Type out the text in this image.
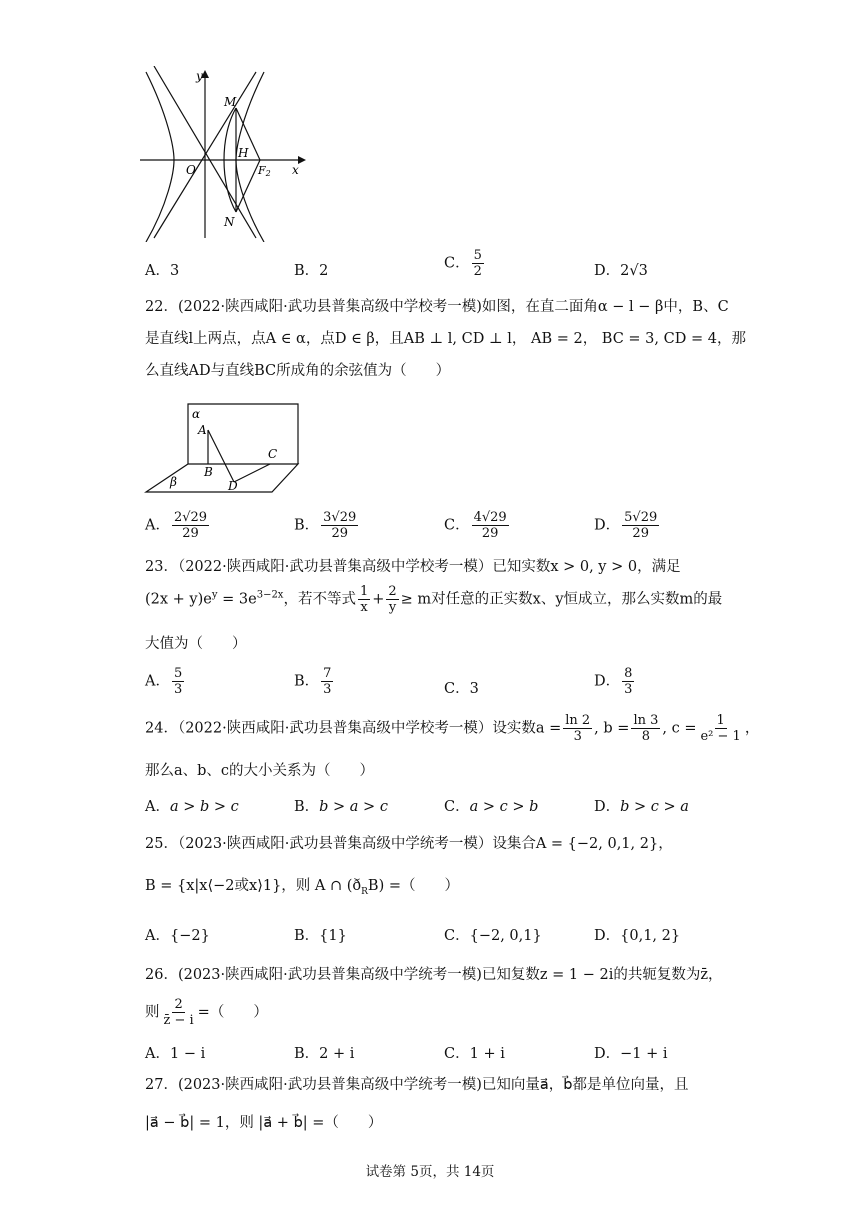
y
M
H
O	F2 x
N
A．3	B．2	C． $\frac{5}{2}$	D．2√3
22．(2022·陕西咸阳·武功县普集高级中学校考一模)如图，在直二面角α − l − β中，B、C
是直线l上两点，点A ∈ α，点D ∈ β，且AB ⊥ l, CD ⊥ l， AB = 2， BC = 3, CD = 4，那
么直线AD与直线BC所成角的余弦值为（　　）
α
A
B
C
β	D
A． $\frac{2√29}{29}$	B． $\frac{3√29}{29}$	C． $\frac{4√29}{29}$	D． $\frac{5√29}{29}$
23．（2022·陕西咸阳·武功县普集高级中学校考一模）已知实数x > 0, y > 0，满足
$(2x + y)e^y = 3e^{3-2x}$，若不等式 $\frac{1}{x} + \frac{2}{y} \ge m$对任意的正实数x、y恒成立，那么实数m的最
大值为（　　）
A． $\frac{5}{3}$	B． $\frac{7}{3}$	C．3	D． $\frac{8}{3}$
24．（2022·陕西咸阳·武功县普集高级中学校考一模）设实数$a = \frac{\ln 2}{3}$ , $b = \frac{\ln 3}{8}$ , $c = \frac{1}{\text{e² − 1}}$ ，
那么a、b、c的大小关系为（　　）
A．a > b > c	B．b > a > c	C．a > c > b	D．b > c > a
25．（2023·陕西咸阳·武功县普集高级中学统考一模）设集合A = {−2, 0,1, 2}，
B = {x|x⟨−2或x⟩1}，则 A ∩ $(ð_RB)$ =（　　）
A．{−2}	B．{1}	C．{−2, 0,1}	D．{0,1, 2}
26．(2023·陕西咸阳·武功县普集高级中学统考一模)已知复数z = 1 − 2i的共轭复数为z̄，
则 $\frac{2}{z̄ - i}$ =（　　）
A．1 − i	B．2 + i	C．1 + i	D．−1 + i
27．(2023·陕西咸阳·武功县普集高级中学统考一模)已知向量a⃗，b⃗都是单位向量，且
|a⃗ − b⃗| = 1，则 |a⃗ + b⃗| =（　　）
试卷第 5页，共 14页
